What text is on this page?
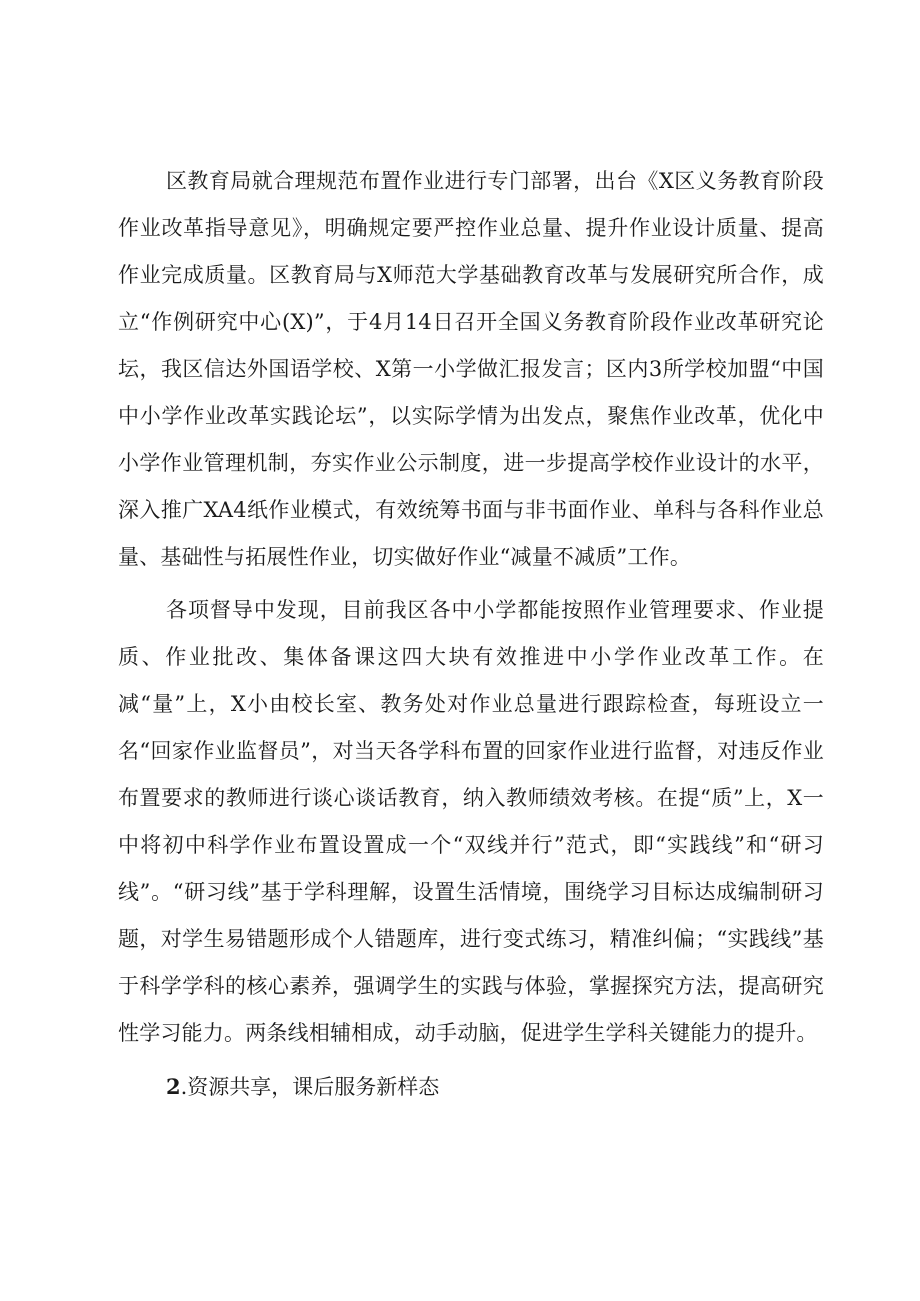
区教育局就合理规范布置作业进行专门部署，出台《X区义务教育阶段作业改革指导意见》，明确规定要严控作业总量、提升作业设计质量、提高作业完成质量。区教育局与X师范大学基础教育改革与发展研究所合作，成立“作例研究中心(X)”，于4月14日召开全国义务教育阶段作业改革研究论坛，我区信达外国语学校、X第一小学做汇报发言；区内3所学校加盟“中国中小学作业改革实践论坛”，以实际学情为出发点，聚焦作业改革，优化中小学作业管理机制，夯实作业公示制度，进一步提高学校作业设计的水平，深入推广XA4纸作业模式，有效统筹书面与非书面作业、单科与各科作业总量、基础性与拓展性作业，切实做好作业“减量不减质”工作。

各项督导中发现，目前我区各中小学都能按照作业管理要求、作业提质、作业批改、集体备课这四大块有效推进中小学作业改革工作。在减“量”上，X小由校长室、教务处对作业总量进行跟踪检查，每班设立一名“回家作业监督员”，对当天各学科布置的回家作业进行监督，对违反作业布置要求的教师进行谈心谈话教育，纳入教师绩效考核。在提“质”上，X一中将初中科学作业布置设置成一个“双线并行”范式，即“实践线”和“研习线”。“研习线”基于学科理解，设置生活情境，围绕学习目标达成编制研习题，对学生易错题形成个人错题库，进行变式练习，精准纠偏；“实践线”基于科学学科的核心素养，强调学生的实践与体验，掌握探究方法，提高研究性学习能力。两条线相辅相成，动手动脑，促进学生学科关键能力的提升。

2.资源共享，课后服务新样态
